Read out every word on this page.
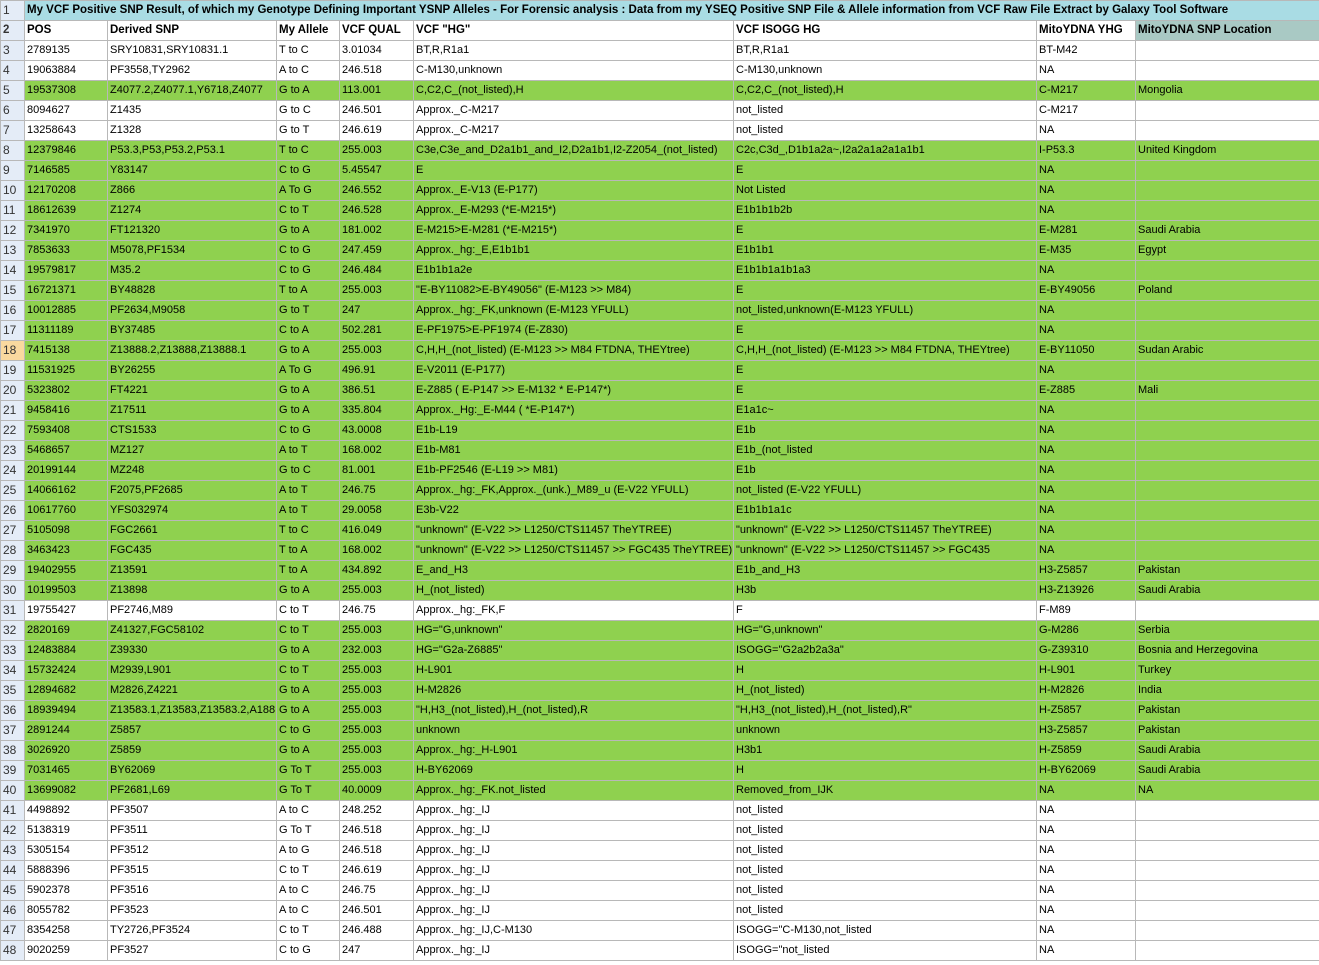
1	My VCF Positive SNP Result, of which my Genotype Defining Important YSNP Alleles - For Forensic analysis : Data from my YSEQ Positive SNP File & Allele information from VCF Raw File Extract by Galaxy Tool Software							
2	POS	Derived SNP	My Allele	VCF QUAL	VCF "HG"	VCF ISOGG HG	MitoYDNA YHG	MitoYDNA SNP Location
3	2789135	SRY10831,SRY10831.1	T to C	3.01034	BT,R,R1a1	BT,R,R1a1	BT-M42	
4	19063884	PF3558,TY2962	A to C	246.518	C-M130,unknown	C-M130,unknown	NA	
5	19537308	Z4077.2,Z4077.1,Y6718,Z4077	G to A	113.001	C,C2,C_(not_listed),H	C,C2,C_(not_listed),H	C-M217	Mongolia
6	8094627	Z1435	G to C	246.501	Approx._C-M217	not_listed	C-M217	
7	13258643	Z1328	G to T	246.619	Approx._C-M217	not_listed	NA	
8	12379846	P53.3,P53,P53.2,P53.1	T to C	255.003	C3e,C3e_and_D2a1b1_and_I2,D2a1b1,I2-Z2054_(not_listed)	C2c,C3d_,D1b1a2a~,I2a2a1a2a1a1b1	I-P53.3	United Kingdom
9	7146585	Y83147	C to G	5.45547	E	E	NA	
10	12170208	Z866	A To G	246.552	Approx._E-V13 (E-P177)	Not Listed	NA	
11	18612639	Z1274	C to T	246.528	Approx._E-M293 (*E-M215*)	E1b1b1b2b	NA	
12	7341970	FT121320	G to A	181.002	E-M215>E-M281 (*E-M215*)	E	E-M281	Saudi Arabia
13	7853633	M5078,PF1534	C to G	247.459	Approx._hg:_E,E1b1b1	E1b1b1	E-M35	Egypt
14	19579817	M35.2	C to G	246.484	E1b1b1a2e	E1b1b1a1b1a3	NA	
15	16721371	BY48828	T to A	255.003	"E-BY11082>E-BY49056" (E-M123 >> M84)	E	E-BY49056	Poland
16	10012885	PF2634,M9058	G to T	247	Approx._hg:_FK,unknown (E-M123 YFULL)	not_listed,unknown(E-M123 YFULL)	NA	
17	11311189	BY37485	C to A	502.281	E-PF1975>E-PF1974 (E-Z830)	E	NA	
18	7415138	Z13888.2,Z13888,Z13888.1	G to A	255.003	C,H,H_(not_listed) (E-M123 >> M84 FTDNA, THEYtree)	C,H,H_(not_listed) (E-M123 >> M84 FTDNA, THEYtree)	E-BY11050	Sudan Arabic
19	11531925	BY26255	A To G	496.91	E-V2011 (E-P177)	E	NA	
20	5323802	FT4221	G to A	386.51	E-Z885 ( E-P147 >> E-M132 * E-P147*)	E	E-Z885	Mali
21	9458416	Z17511	G to A	335.804	Approx._Hg:_E-M44 ( *E-P147*)	E1a1c~	NA	
22	7593408	CTS1533	C to G	43.0008	E1b-L19	E1b	NA	
23	5468657	MZ127	A to T	168.002	E1b-M81	E1b_(not_listed	NA	
24	20199144	MZ248	G to C	81.001	E1b-PF2546 (E-L19 >> M81)	E1b	NA	
25	14066162	F2075,PF2685	A to T	246.75	Approx._hg:_FK,Approx._(unk.)_M89_u (E-V22 YFULL)	not_listed (E-V22 YFULL)	NA	
26	10617760	YFS032974	A to T	29.0058	E3b-V22	E1b1b1a1c	NA	
27	5105098	FGC2661	T to C	416.049	"unknown" (E-V22 >> L1250/CTS11457 TheYTREE)	"unknown" (E-V22 >> L1250/CTS11457 TheYTREE)	NA	
28	3463423	FGC435	T to A	168.002	"unknown" (E-V22 >> L1250/CTS11457 >> FGC435 TheYTREE)	"unknown" (E-V22 >> L1250/CTS11457 >> FGC435	NA	
29	19402955	Z13591	T to A	434.892	E_and_H3	E1b_and_H3	H3-Z5857	Pakistan
30	10199503	Z13898	G to A	255.003	H_(not_listed)	H3b	H3-Z13926	Saudi Arabia
31	19755427	PF2746,M89	C to T	246.75	Approx._hg:_FK,F	F	F-M89	
32	2820169	Z41327,FGC58102	C to T	255.003	HG="G,unknown"	HG="G,unknown"	G-M286	Serbia
33	12483884	Z39330	G to A	232.003	HG="G2a-Z6885"	ISOGG="G2a2b2a3a"	G-Z39310	Bosnia and Herzegovina
34	15732424	M2939,L901	C to T	255.003	H-L901	H	H-L901	Turkey
35	12894682	M2826,Z4221	G to A	255.003	H-M2826	H_(not_listed)	H-M2826	India
36	18939494	Z13583.1,Z13583,Z13583.2,A188	G to A	255.003	"H,H3_(not_listed),H_(not_listed),R	"H,H3_(not_listed),H_(not_listed),R"	H-Z5857	Pakistan
37	2891244	Z5857	C to G	255.003	unknown	unknown	H3-Z5857	Pakistan
38	3026920	Z5859	G to A	255.003	Approx._hg:_H-L901	H3b1	H-Z5859	Saudi Arabia
39	7031465	BY62069	G To T	255.003	H-BY62069	H	H-BY62069	Saudi Arabia
40	13699082	PF2681,L69	G To T	40.0009	Approx._hg:_FK.not_listed	Removed_from_IJK	NA	NA
41	4498892	PF3507	A to C	248.252	Approx._hg:_IJ	not_listed	NA	
42	5138319	PF3511	G To T	246.518	Approx._hg:_IJ	not_listed	NA	
43	5305154	PF3512	A to G	246.518	Approx._hg:_IJ	not_listed	NA	
44	5888396	PF3515	C to T	246.619	Approx._hg:_IJ	not_listed	NA	
45	5902378	PF3516	A to C	246.75	Approx._hg:_IJ	not_listed	NA	
46	8055782	PF3523	A to C	246.501	Approx._hg:_IJ	not_listed	NA	
47	8354258	TY2726,PF3524	C to T	246.488	Approx._hg:_IJ,C-M130	ISOGG="C-M130,not_listed	NA	
48	9020259	PF3527	C to G	247	Approx._hg:_IJ	ISOGG="not_listed	NA	
